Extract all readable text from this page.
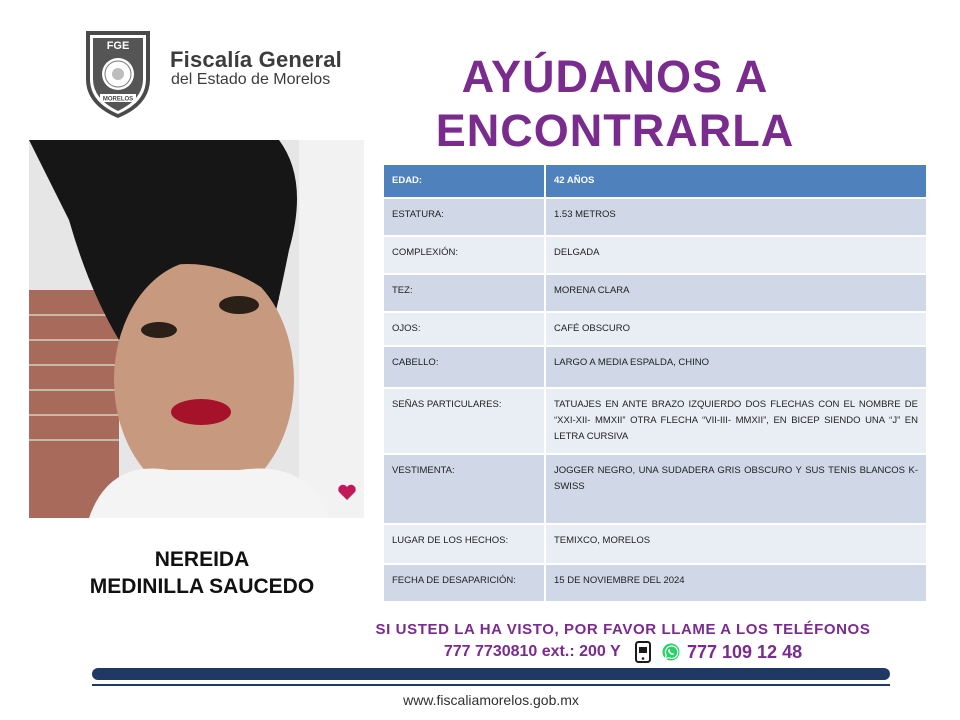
FGE
MORELOS
Fiscalía General
del Estado de Morelos	AYÚDANOS A
ENCONTRARLA
NEREIDA
MEDINILLA SAUCEDO
EDAD:	42 AÑOS
ESTATURA:	1.53 METROS
COMPLEXIÓN:	DELGADA
TEZ:	MORENA CLARA
OJOS:	CAFÉ OBSCURO
CABELLO:	LARGO A MEDIA ESPALDA, CHINO
SEÑAS PARTICULARES:	TATUAJES EN ANTE BRAZO IZQUIERDO DOS FLECHAS CON EL NOMBRE DE “XXI-XII- MMXII” OTRA FLECHA “VII-III- MMXII”, EN BICEP SIENDO UNA “J” EN LETRA CURSIVA
VESTIMENTA:	JOGGER NEGRO, UNA SUDADERA GRIS OBSCURO Y SUS TENIS BLANCOS K-SWISS
LUGAR DE LOS HECHOS:	TEMIXCO, MORELOS
FECHA DE DESAPARICIÓN:	15 DE NOVIEMBRE DEL 2024
SI USTED LA HA VISTO, POR FAVOR LLAME A LOS TELÉFONOS
777 7730810 ext.: 200 Y	777 109 12 48
www.fiscaliamorelos.gob.mx
